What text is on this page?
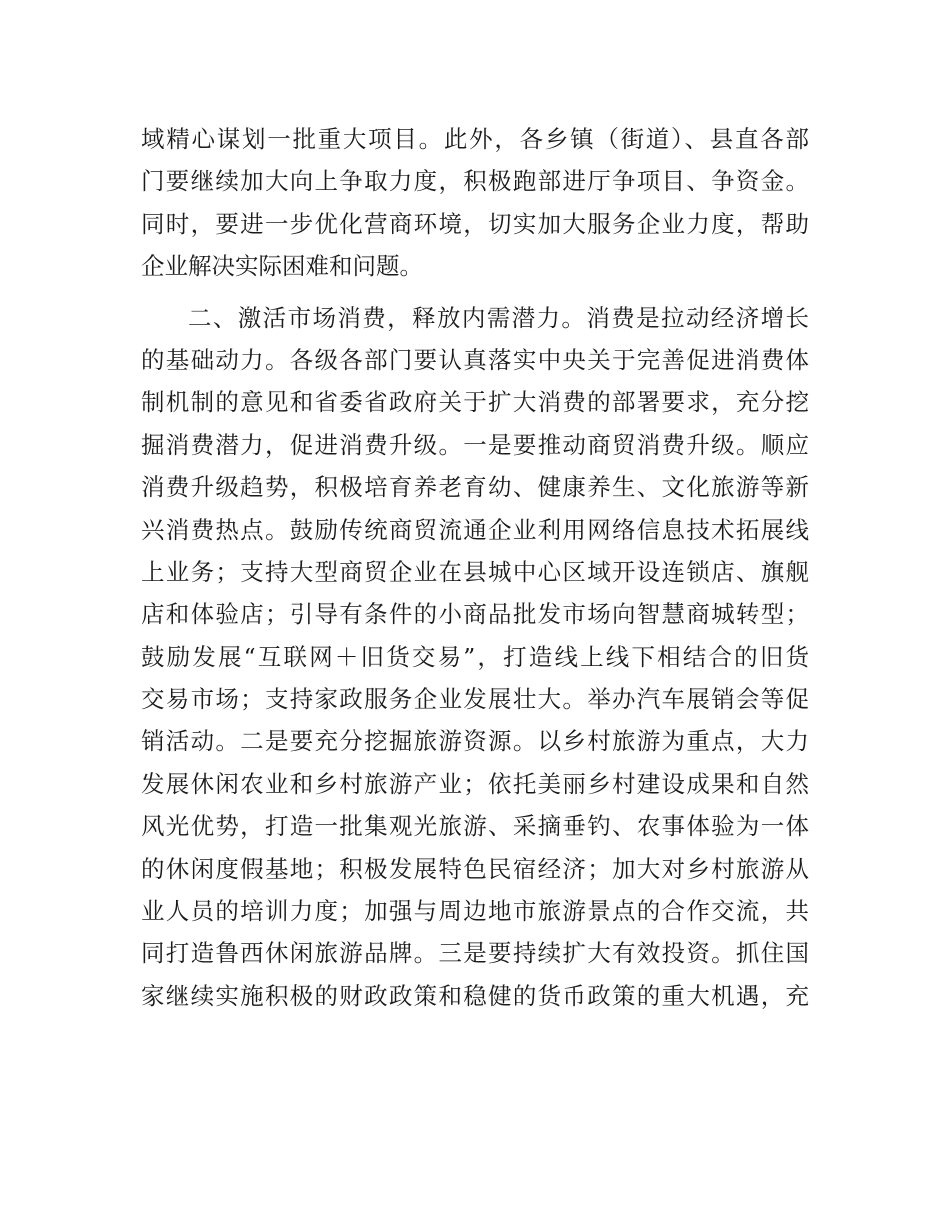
域精心谋划一批重大项目。此外，各乡镇（街道）、县直各部
门要继续加大向上争取力度，积极跑部进厅争项目、争资金。
同时，要进一步优化营商环境，切实加大服务企业力度，帮助
企业解决实际困难和问题。
二、激活市场消费，释放内需潜力。消费是拉动经济增长
的基础动力。各级各部门要认真落实中央关于完善促进消费体
制机制的意见和省委省政府关于扩大消费的部署要求，充分挖
掘消费潜力，促进消费升级。一是要推动商贸消费升级。顺应
消费升级趋势，积极培育养老育幼、健康养生、文化旅游等新
兴消费热点。鼓励传统商贸流通企业利用网络信息技术拓展线
上业务；支持大型商贸企业在县城中心区域开设连锁店、旗舰
店和体验店；引导有条件的小商品批发市场向智慧商城转型；
鼓励发展“互联网＋旧货交易”，打造线上线下相结合的旧货
交易市场；支持家政服务企业发展壮大。举办汽车展销会等促
销活动。二是要充分挖掘旅游资源。以乡村旅游为重点，大力
发展休闲农业和乡村旅游产业；依托美丽乡村建设成果和自然
风光优势，打造一批集观光旅游、采摘垂钓、农事体验为一体
的休闲度假基地；积极发展特色民宿经济；加大对乡村旅游从
业人员的培训力度；加强与周边地市旅游景点的合作交流，共
同打造鲁西休闲旅游品牌。三是要持续扩大有效投资。抓住国
家继续实施积极的财政政策和稳健的货币政策的重大机遇，充
